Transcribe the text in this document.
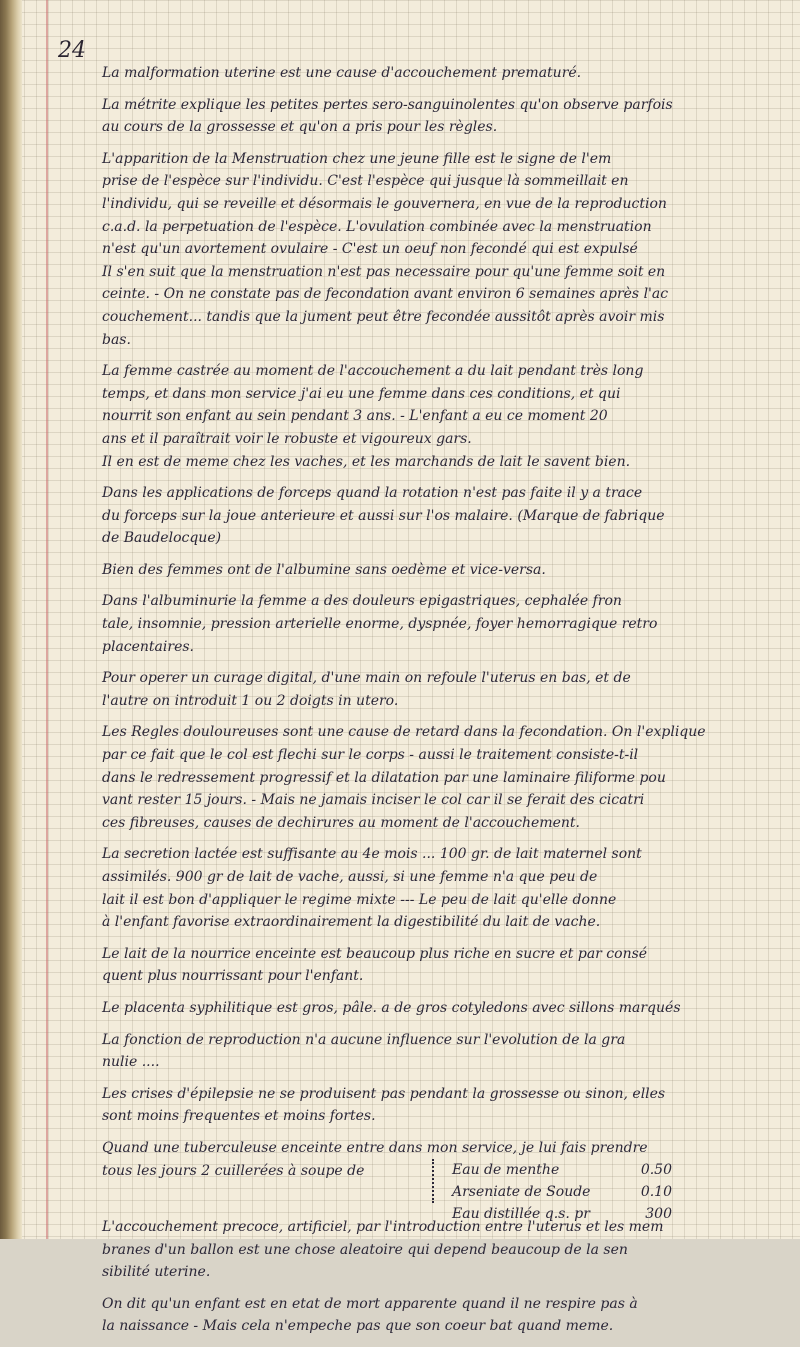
24
La malformation uterine est une cause d'accouchement prematuré.
La métrite explique les petites pertes sero-sanguinolentes qu'on observe parfois
au cours de la grossesse et qu'on a pris pour les règles.
L'apparition de la Menstruation chez une jeune fille est le signe de l'em
prise de l'espèce sur l'individu. C'est l'espèce qui jusque là sommeillait en
l'individu, qui se reveille et désormais le gouvernera, en vue de la reproduction
c.a.d. la perpetuation de l'espèce. L'ovulation combinée avec la menstruation
n'est qu'un avortement ovulaire - C'est un oeuf non fecondé qui est expulsé
Il s'en suit que la menstruation n'est pas necessaire pour qu'une femme soit en
ceinte. - On ne constate pas de fecondation avant environ 6 semaines après l'ac
couchement... tandis que la jument peut être fecondée aussitôt après avoir mis
bas.
La femme castrée au moment de l'accouchement a du lait pendant très long
temps, et dans mon service j'ai eu une femme dans ces conditions, et qui
nourrit son enfant au sein pendant 3 ans. - L'enfant a eu ce moment 20
ans et il paraîtrait voir le robuste et vigoureux gars.
Il en est de meme chez les vaches, et les marchands de lait le savent bien.
Dans les applications de forceps quand la rotation n'est pas faite il y a trace
du forceps sur la joue anterieure et aussi sur l'os malaire. (Marque de fabrique
de Baudelocque)
Bien des femmes ont de l'albumine sans oedème et vice-versa.
Dans l'albuminurie la femme a des douleurs epigastriques, cephalée fron
tale, insomnie, pression arterielle enorme, dyspnée, foyer hemorragique retro
placentaires.
Pour operer un curage digital, d'une main on refoule l'uterus en bas, et de
l'autre on introduit 1 ou 2 doigts in utero.
Les Regles douloureuses sont une cause de retard dans la fecondation. On l'explique
par ce fait que le col est flechi sur le corps - aussi le traitement consiste-t-il
dans le redressement progressif et la dilatation par une laminaire filiforme pou
vant rester 15 jours. - Mais ne jamais inciser le col car il se ferait des cicatri
ces fibreuses, causes de dechirures au moment de l'accouchement.
La secretion lactée est suffisante au 4e mois ... 100 gr. de lait maternel sont
assimilés. 900 gr de lait de vache, aussi, si une femme n'a que peu de
lait il est bon d'appliquer le regime mixte --- Le peu de lait qu'elle donne
à l'enfant favorise extraordinairement la digestibilité du lait de vache.
Le lait de la nourrice enceinte est beaucoup plus riche en sucre et par consé
quent plus nourrissant pour l'enfant.
Le placenta syphilitique est gros, pâle. a de gros cotyledons avec sillons marqués
La fonction de reproduction n'a aucune influence sur l'evolution de la gra
nulie ....
Les crises d'épilepsie ne se produisent pas pendant la grossesse ou sinon, elles
sont moins frequentes et moins fortes.
Quand une tuberculeuse enceinte entre dans mon service, je lui fais prendre
tous les jours 2 cuillerées à soupe de	Eau de menthe	0.50
Arseniate de Soude	0.10
Eau distillée q.s. pr	300
L'accouchement precoce, artificiel, par l'introduction entre l'uterus et les mem
branes d'un ballon est une chose aleatoire qui depend beaucoup de la sen
sibilité uterine.
On dit qu'un enfant est en etat de mort apparente quand il ne respire pas à
la naissance - Mais cela n'empeche pas que son coeur bat quand meme.
